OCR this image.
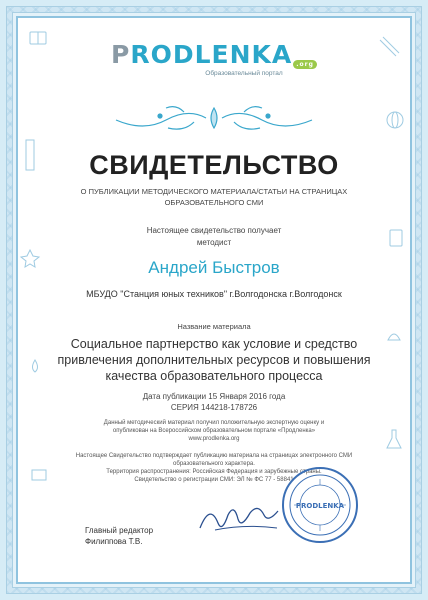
PRODLENKA .org
Образовательный портал
СВИДЕТЕЛЬСТВО
О ПУБЛИКАЦИИ МЕТОДИЧЕСКОГО МАТЕРИАЛА/СТАТЬИ НА СТРАНИЦАХ ОБРАЗОВАТЕЛЬНОГО СМИ
Настоящее свидетельство получает
методист
Андрей Быстров
МБУДО "Станция юных техников" г.Волгодонска г.Волгодонск
Название материала
Социальное партнерство как условие и средство привлечения дополнительных ресурсов и повышения качества образовательного процесса
Дата публикации 15 Января 2016 года
СЕРИЯ 144218-178726
Данный методический материал получил положительную экспертную оценку и опубликован на Всероссийском образовательном портале «Продленка» www.prodlenka.org
Настоящее Свидетельство подтверждает публикацию материала на страницах электронного СМИ образовательного характера.
Территория распространения: Российская Федерация и зарубежные страны.
Свидетельство о регистрации СМИ: ЭЛ № ФС 77 - 58841
Главный редактор
Филиппова Т.В.
PRODLENKA
